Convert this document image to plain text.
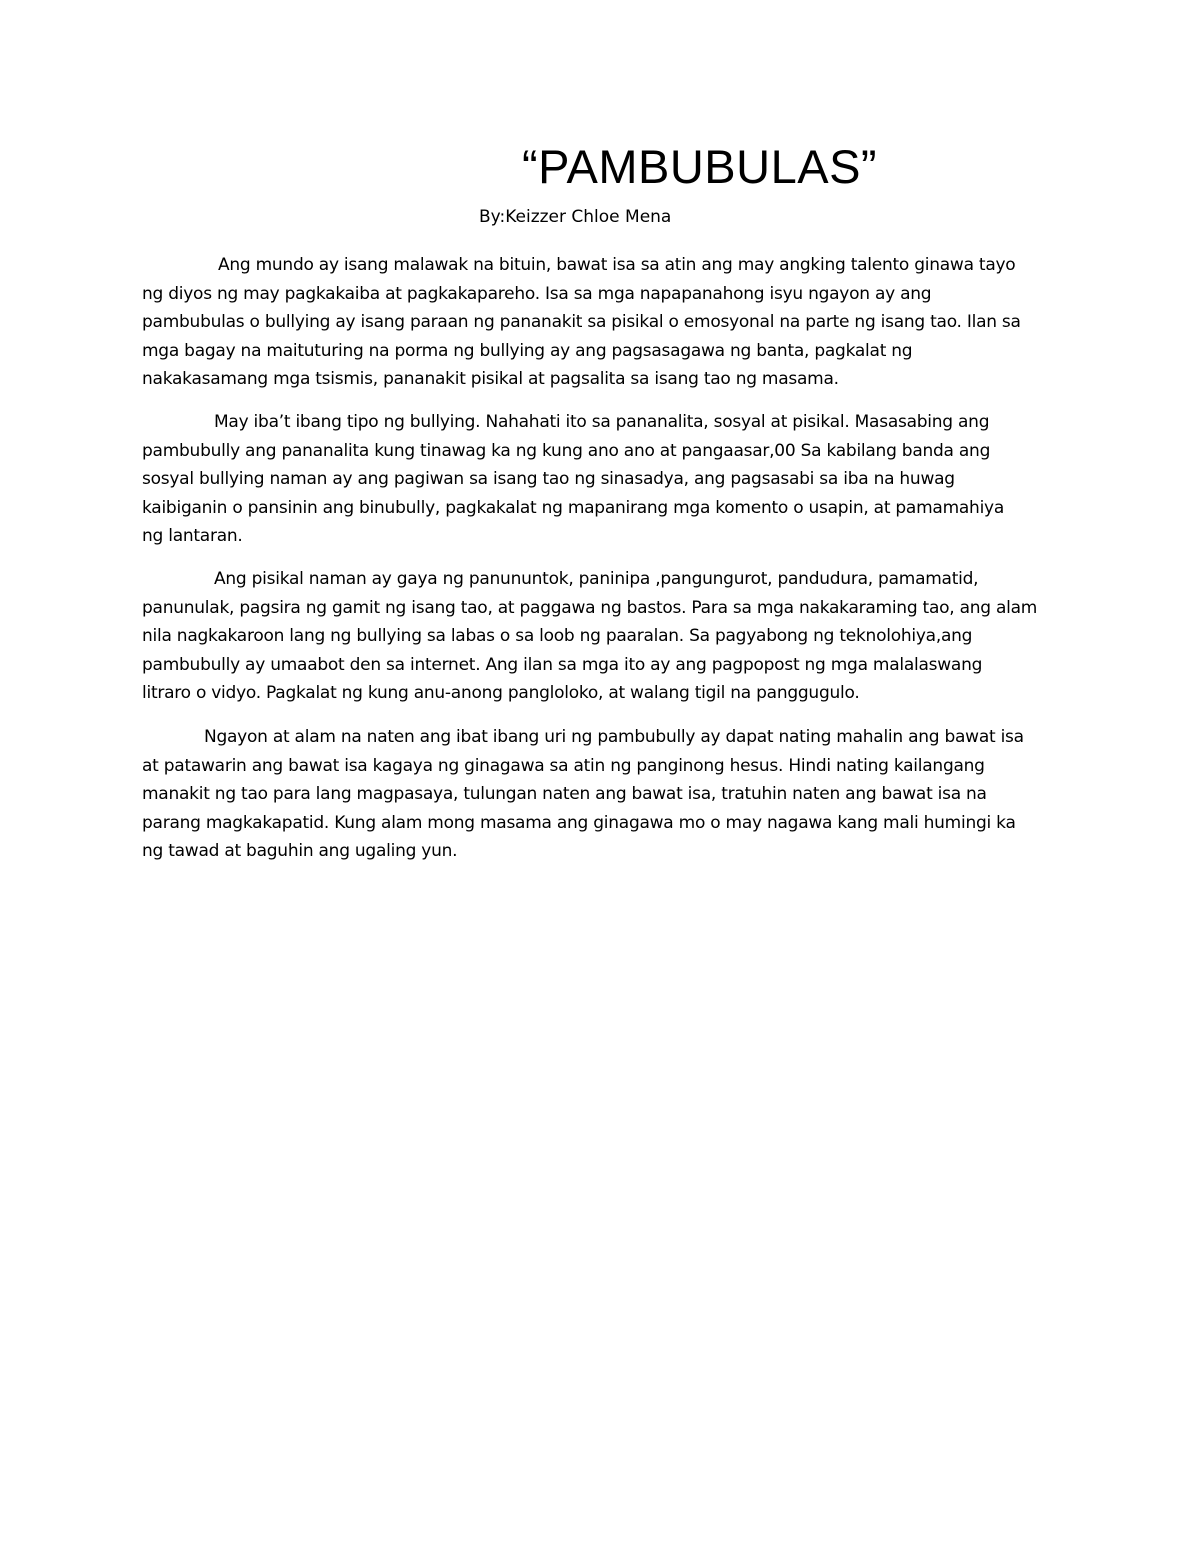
“PAMBUBULAS”
By:Keizzer Chloe Mena
Ang mundo ay isang malawak na bituin, bawat isa sa atin ang may angking talento ginawa tayo
ng diyos ng may pagkakaiba at pagkakapareho. Isa sa mga napapanahong isyu ngayon ay ang
pambubulas o bullying ay isang paraan ng pananakit sa pisikal o emosyonal na parte ng isang tao. Ilan sa
mga bagay na maituturing na porma ng bullying ay ang pagsasagawa ng banta, pagkalat ng
nakakasamang mga tsismis, pananakit pisikal at pagsalita sa isang tao ng masama.
May iba’t ibang tipo ng bullying. Nahahati ito sa pananalita, sosyal at pisikal. Masasabing ang
pambubully ang pananalita kung tinawag ka ng kung ano ano at pangaasar,00 Sa kabilang banda ang
sosyal bullying naman ay ang pagiwan sa isang tao ng sinasadya, ang pagsasabi sa iba na huwag
kaibiganin o pansinin ang binubully, pagkakalat ng mapanirang mga komento o usapin, at pamamahiya
ng lantaran.
Ang pisikal naman ay gaya ng panununtok, paninipa ,pangungurot, pandudura, pamamatid,
panunulak, pagsira ng gamit ng isang tao, at paggawa ng bastos. Para sa mga nakakaraming tao, ang alam
nila nagkakaroon lang ng bullying sa labas o sa loob ng paaralan. Sa pagyabong ng teknolohiya,ang
pambubully ay umaabot den sa internet. Ang ilan sa mga ito ay ang pagpopost ng mga malalaswang
litraro o vidyo. Pagkalat ng kung anu-anong pangloloko, at walang tigil na panggugulo.
Ngayon at alam na naten ang ibat ibang uri ng pambubully ay dapat nating mahalin ang bawat isa
at patawarin ang bawat isa kagaya ng ginagawa sa atin ng panginong hesus. Hindi nating kailangang
manakit ng tao para lang magpasaya, tulungan naten ang bawat isa, tratuhin naten ang bawat isa na
parang magkakapatid. Kung alam mong masama ang ginagawa mo o may nagawa kang mali humingi ka
ng tawad at baguhin ang ugaling yun.
